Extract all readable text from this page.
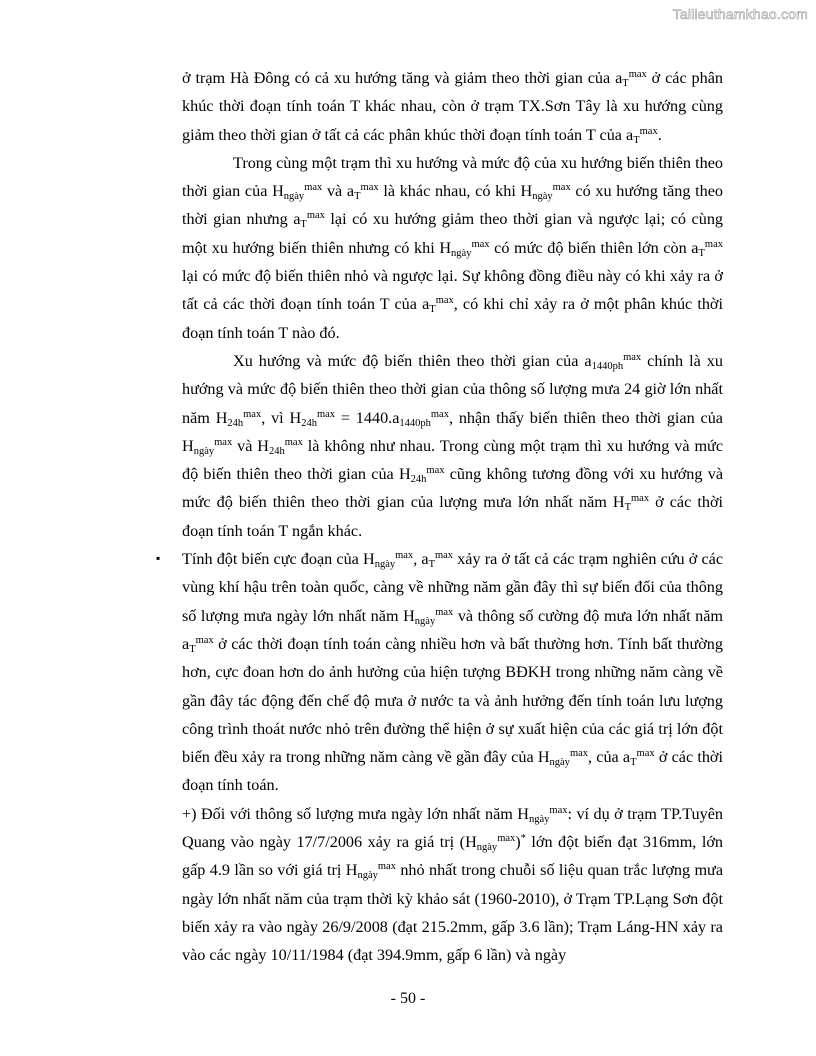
Tailieuthamkhao.com

ở trạm Hà Đông có cả xu hướng tăng và giảm theo thời gian của $a_T^{max}$ ở các phân khúc thời đoạn tính toán T khác nhau, còn ở trạm TX.Sơn Tây là xu hướng cùng giảm theo thời gian ở tất cả các phân khúc thời đoạn tính toán T của $a_T^{max}$.

Trong cùng một trạm thì xu hướng và mức độ của xu hướng biến thiên theo thời gian của $H_{ngày}^{max}$ và $a_T^{max}$ là khác nhau, có khi $H_{ngày}^{max}$ có xu hướng tăng theo thời gian nhưng $a_T^{max}$ lại có xu hướng giảm theo thời gian và ngược lại; có cùng một xu hướng biến thiên nhưng có khi $H_{ngày}^{max}$ có mức độ biến thiên lớn còn $a_T^{max}$ lại có mức độ biến thiên nhỏ và ngược lại. Sự không đồng điều này có khi xảy ra ở tất cả các thời đoạn tính toán T của $a_T^{max}$, có khi chỉ xảy ra ở một phân khúc thời đoạn tính toán T nào đó.

Xu hướng và mức độ biến thiên theo thời gian của $a_{1440ph}^{max}$ chính là xu hướng và mức độ biến thiên theo thời gian của thông số lượng mưa 24 giờ lớn nhất năm $H_{24h}^{max}$, vì $H_{24h}^{max} = 1440.a_{1440ph}^{max}$, nhận thấy biến thiên theo thời gian của $H_{ngày}^{max}$ và $H_{24h}^{max}$ là không như nhau. Trong cùng một trạm thì xu hướng và mức độ biến thiên theo thời gian của $H_{24h}^{max}$ cũng không tương đồng với xu hướng và mức độ biến thiên theo thời gian của lượng mưa lớn nhất năm $H_T^{max}$ ở các thời đoạn tính toán T ngắn khác.

▪ Tính đột biến cực đoạn của $H_{ngày}^{max}$, $a_T^{max}$ xảy ra ở tất cả các trạm nghiên cứu ở các vùng khí hậu trên toàn quốc, càng về những năm gần đây thì sự biến đổi của thông số lượng mưa ngày lớn nhất năm $H_{ngày}^{max}$ và thông số cường độ mưa lớn nhất năm $a_T^{max}$ ở các thời đoạn tính toán càng nhiều hơn và bất thường hơn. Tính bất thường hơn, cực đoan hơn do ảnh hưởng của hiện tượng BĐKH trong những năm càng về gần đây tác động đến chế độ mưa ở nước ta và ảnh hưởng đến tính toán lưu lượng công trình thoát nước nhỏ trên đường thể hiện ở sự xuất hiện của các giá trị lớn đột biến đều xảy ra trong những năm càng về gần đây của $H_{ngày}^{max}$, của $a_T^{max}$ ở các thời đoạn tính toán.

+) Đối với thông số lượng mưa ngày lớn nhất năm $H_{ngày}^{max}$: ví dụ ở trạm TP.Tuyên Quang vào ngày 17/7/2006 xảy ra giá trị $(H_{ngày}^{max})^*$ lớn đột biến đạt 316mm, lớn gấp 4.9 lần so với giá trị $H_{ngày}^{max}$ nhỏ nhất trong chuỗi số liệu quan trắc lượng mưa ngày lớn nhất năm của trạm thời kỳ khảo sát (1960-2010), ở Trạm TP.Lạng Sơn đột biến xảy ra vào ngày 26/9/2008 (đạt 215.2mm, gấp 3.6 lần); Trạm Láng-HN xảy ra vào các ngày 10/11/1984 (đạt 394.9mm, gấp 6 lần) và ngày

- 50 -
